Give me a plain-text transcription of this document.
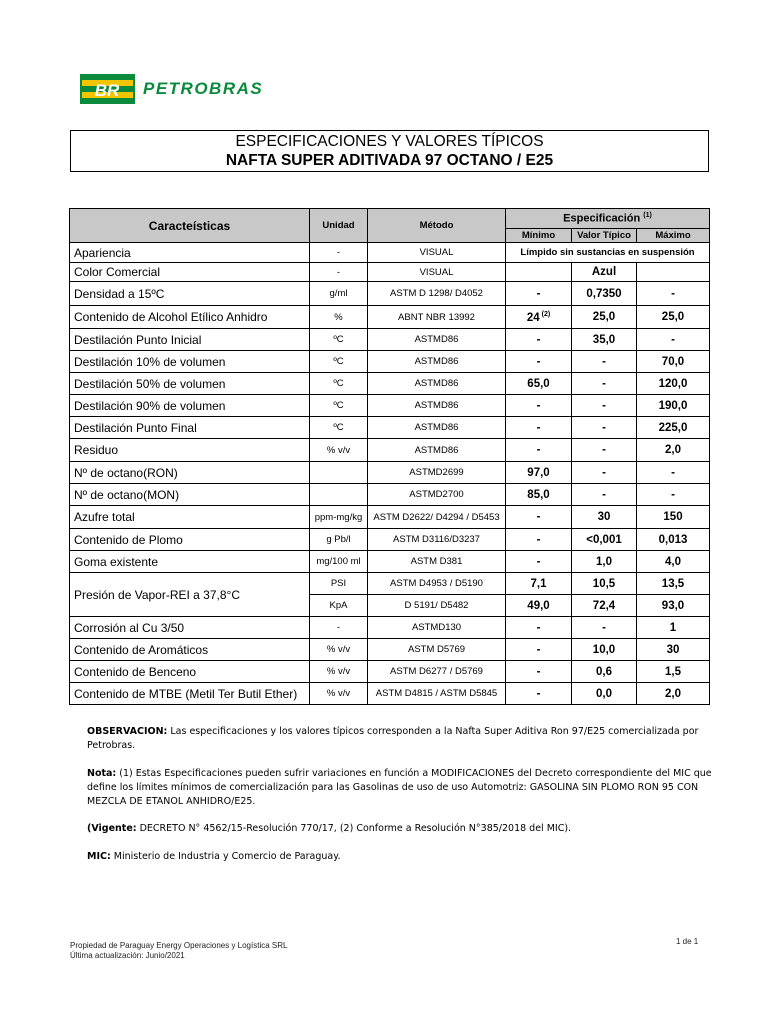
BR PETROBRAS
ESPECIFICACIONES Y VALORES TÍPICOS
NAFTA SUPER ADITIVADA 97 OCTANO / E25
Caracteísticas	Unidad	Método	Especificación $^{(1)}$
			Mínimo	Valor Típico	Máximo
Apariencia	-	VISUAL	Límpido sin sustancias en suspensión		
Color Comercial	-	VISUAL		Azul	
Densidad a 15ºC	g/ml	ASTM D 1298/ D4052	-	0,7350	-
Contenido de Alcohol Etílico Anhidro	%	ABNT NBR 13992	24 $^{(2)}$	25,0	25,0
Destilación Punto Inicial	ºC	ASTMD86	-	35,0	-
Destilación 10% de volumen	ºC	ASTMD86	-	-	70,0
Destilación 50% de volumen	ºC	ASTMD86	65,0	-	120,0
Destilación 90% de volumen	ºC	ASTMD86	-	-	190,0
Destilación Punto Final	ºC	ASTMD86	-	-	225,0
Residuo	% v/v	ASTMD86	-	-	2,0
Nº de octano(RON)		ASTMD2699	97,0	-	-
Nº de octano(MON)		ASTMD2700	85,0	-	-
Azufre total	ppm-mg/kg	ASTM D2622/ D4294 / D5453	-	30	150
Contenido de Plomo	g Pb/l	ASTM D3116/D3237	-	<0,001	0,013
Goma existente	mg/100 ml	ASTM D381	-	1,0	4,0
Presión de Vapor-REI a 37,8°C	PSI	ASTM D4953 / D5190	7,1	10,5	13,5
	KpA	D 5191/ D5482	49,0	72,4	93,0
Corrosión al Cu 3/50	-	ASTMD130	-	-	1
Contenido de Aromáticos	% v/v	ASTM D5769	-	10,0	30
Contenido de Benceno	% v/v	ASTM D6277 / D5769	-	0,6	1,5
Contenido de MTBE (Metil Ter Butil Ether)	% v/v	ASTM D4815 / ASTM D5845	-	0,0	2,0
OBSERVACION: Las especificaciones y los valores típicos corresponden a la Nafta Super Aditiva Ron 97/E25 comercializada por Petrobras.
Nota: (1) Estas Especificaciones pueden sufrir variaciones en función a MODIFICACIONES del Decreto correspondiente del MIC que define los límites mínimos de comercialización para las Gasolinas de uso de uso Automotriz: GASOLINA SIN PLOMO RON 95 CON MEZCLA DE ETANOL ANHIDRO/E25.
(Vigente: DECRETO N° 4562/15-Resolución 770/17, (2) Conforme a Resolución N°385/2018 del MIC).
MIC: Ministerio de Industria y Comercio de Paraguay.
Propiedad de Paraguay Energy Operaciones y Logística SRL
Última actualización: Junio/2021
1 de 1
